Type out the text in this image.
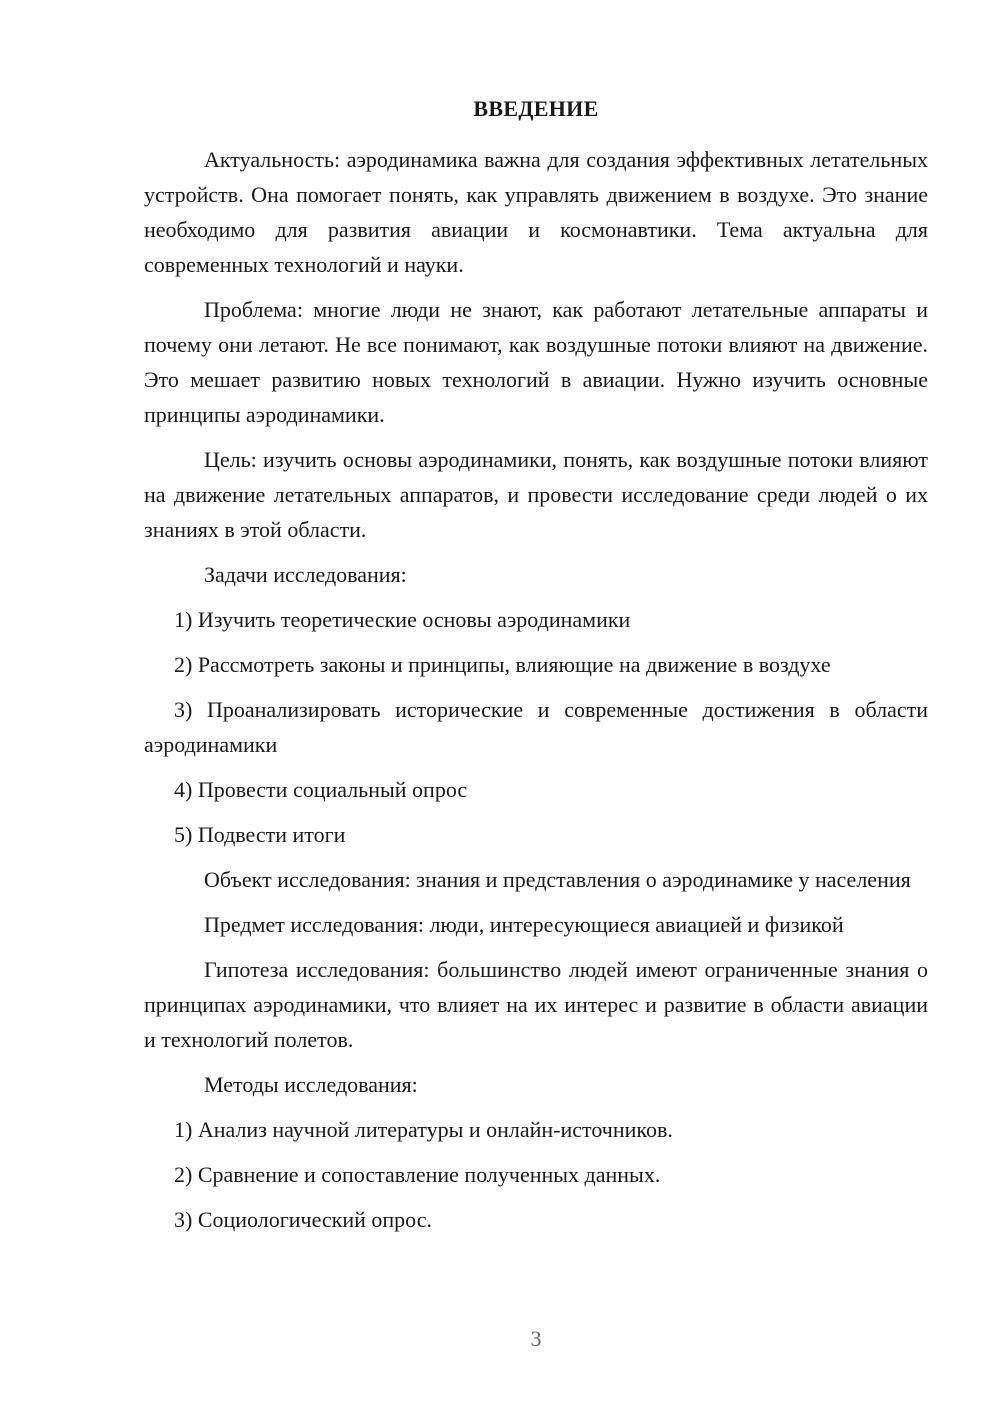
ВВЕДЕНИЕ

Актуальность: аэродинамика важна для создания эффективных летательных устройств. Она помогает понять, как управлять движением в воздухе. Это знание необходимо для развития авиации и космонавтики. Тема актуальна для современных технологий и науки.

Проблема: многие люди не знают, как работают летательные аппараты и почему они летают. Не все понимают, как воздушные потоки влияют на движение. Это мешает развитию новых технологий в авиации. Нужно изучить основные принципы аэродинамики.

Цель: изучить основы аэродинамики, понять, как воздушные потоки влияют на движение летательных аппаратов, и провести исследование среди людей о их знаниях в этой области.

Задачи исследования:

1) Изучить теоретические основы аэродинамики

2) Рассмотреть законы и принципы, влияющие на движение в воздухе

3) Проанализировать исторические и современные достижения в области аэродинамики

4) Провести социальный опрос

5) Подвести итоги

Объект исследования: знания и представления о аэродинамике у населения

Предмет исследования: люди, интересующиеся авиацией и физикой

Гипотеза исследования: большинство людей имеют ограниченные знания о принципах аэродинамики, что влияет на их интерес и развитие в области авиации и технологий полетов.

Методы исследования:

1) Анализ научной литературы и онлайн-источников.

2) Сравнение и сопоставление полученных данных.

3) Социологический опрос.

3
